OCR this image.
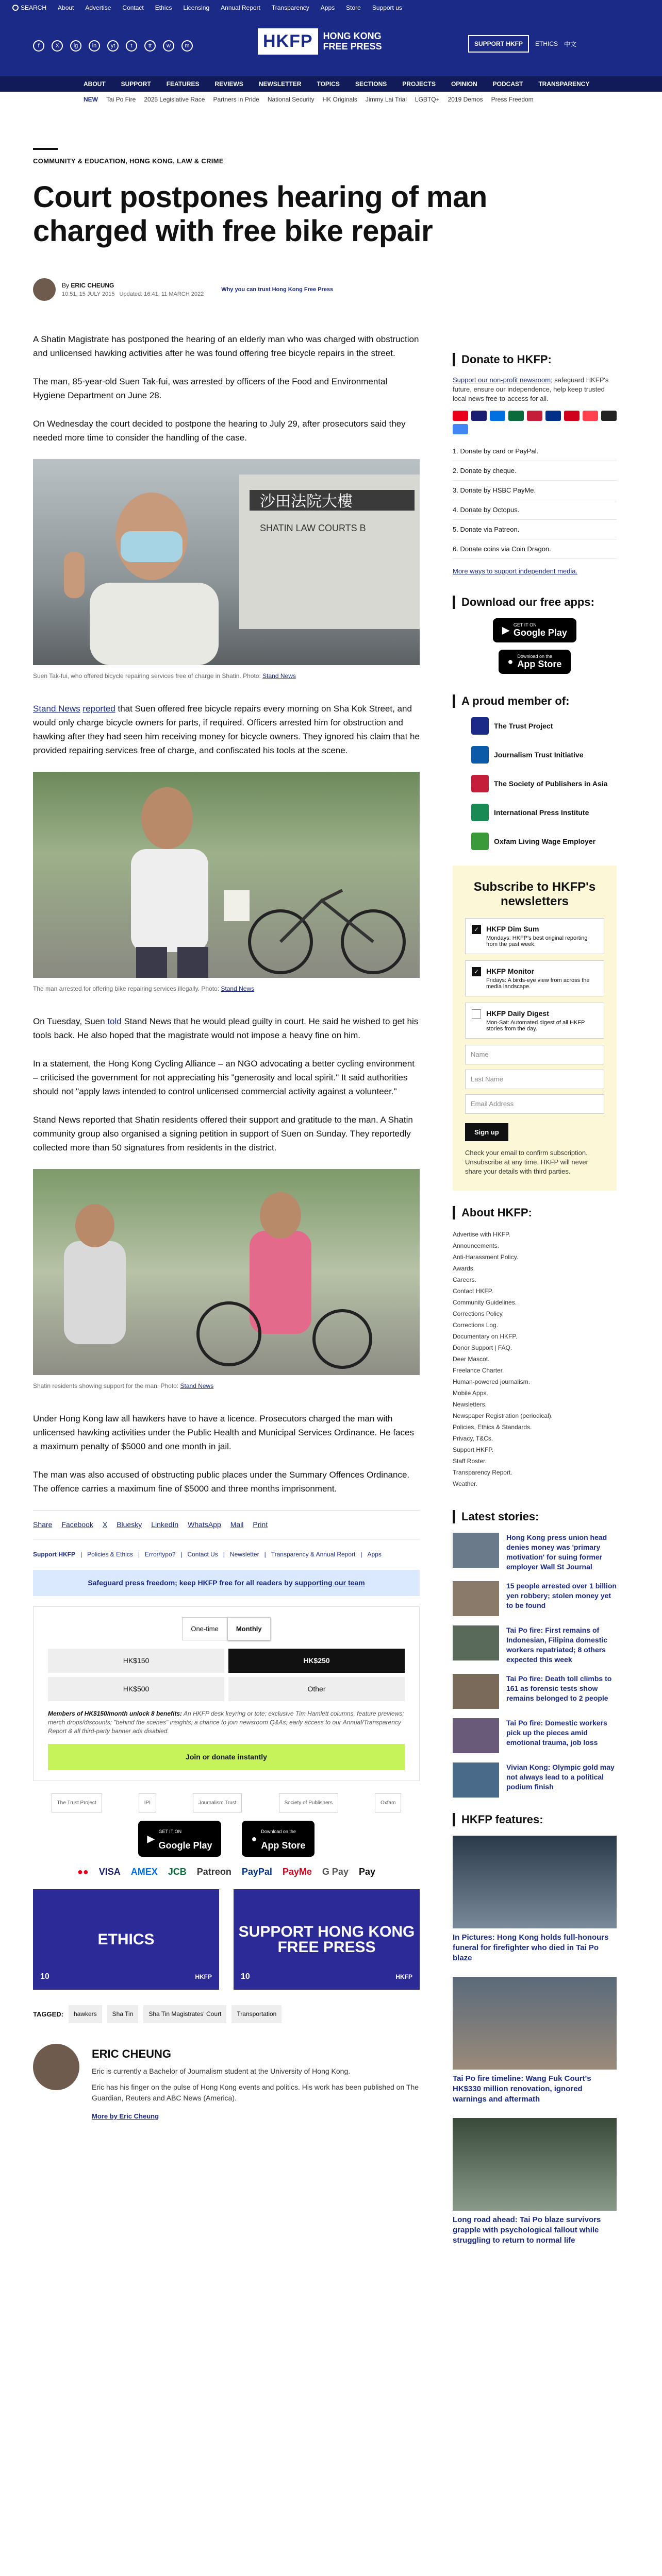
SEARCH About Advertise Contact Ethics Licensing Annual Report Transparency Apps Store Support us
f	X	ig	in	yt	t	tt	w	m	HKFP	HONG KONG
FREE PRESS	SUPPORT HKFP	ETHICS 中文
ABOUT	SUPPORT	FEATURES	REVIEWS	NEWSLETTER	TOPICS	SECTIONS	PROJECTS	OPINION	PODCAST	TRANSPARENCY
NEW Tai Po Fire 2025 Legislative Race Partners in Pride National Security HK Originals Jimmy Lai Trial LGBTQ+ 2019 Demos Press Freedom
COMMUNITY & EDUCATION, HONG KONG, LAW & CRIME
Court postpones hearing of man charged with free bike repair
By ERIC CHEUNG
10:51, 15 JULY 2015 Updated: 16:41, 11 MARCH 2022
Why you can trust Hong Kong Free Press

A Shatin Magistrate has postponed the hearing of an elderly man who was charged with obstruction and unlicensed hawking activities after he was found offering free bicycle repairs in the street.

The man, 85-year-old Suen Tak-fui, was arrested by officers of the Food and Environmental Hygiene Department on June 28.

On Wednesday the court decided to postpone the hearing to July 29, after prosecutors said they needed more time to consider the handling of the case.

沙田法院大樓
SHATIN LAW COURTS B
Suen Tak-fui, who offered bicycle repairing services free of charge in Shatin. Photo: Stand News

Stand News reported that Suen offered free bicycle repairs every morning on Sha Kok Street, and would only charge bicycle owners for parts, if required. Officers arrested him for obstruction and hawking after they had seen him receiving money for bicycle owners. They ignored his claim that he provided repairing services free of charge, and confiscated his tools at the scene.

The man arrested for offering bike repairing services illegally. Photo: Stand News

On Tuesday, Suen told Stand News that he would plead guilty in court. He said he wished to get his tools back. He also hoped that the magistrate would not impose a heavy fine on him.

In a statement, the Hong Kong Cycling Alliance – an NGO advocating a better cycling environment – criticised the government for not appreciating his "generosity and local spirit." It said authorities should not "apply laws intended to control unlicensed commercial activity against a volunteer."

Stand News reported that Shatin residents offered their support and gratitude to the man. A Shatin community group also organised a signing petition in support of Suen on Sunday. They reportedly collected more than 50 signatures from residents in the district.

Shatin residents showing support for the man. Photo: Stand News

Under Hong Kong law all hawkers have to have a licence. Prosecutors charged the man with unlicensed hawking activities under the Public Health and Municipal Services Ordinance. He faces a maximum penalty of $5000 and one month in jail.

The man was also accused of obstructing public places under the Summary Offences Ordinance. The offence carries a maximum fine of $5000 and three months imprisonment.

Share Facebook X Bluesky LinkedIn WhatsApp Mail Print
Support HKFP | Policies & Ethics | Error/typo? | Contact Us | Newsletter | Transparency & Annual Report | Apps
Safeguard press freedom; keep HKFP free for all readers by supporting our team
One-time	Monthly
HK$150	HK$250
HK$500	Other
Members of HK$150/month unlock 8 benefits: An HKFP desk keyring or tote; exclusive Tim Hamlett columns, feature previews; merch drops/discounts; "behind the scenes" insights; a chance to join newsroom Q&As; early access to our Annual/Transparency Report & all third-party banner ads disabled.
Join or donate instantly
The Trust Project	IPI	Journalism Trust	Society of Publishers	Oxfam
▶
GET IT ON
Google Play
●
Download on the
App Store
●● VISA AMEX JCB Patreon PayPal PayMe G Pay Pay
ETHICS
HKFP
10
SUPPORT HONG KONG FREE PRESS
HKFP
10
TAGGED:	hawkers	Sha Tin	Sha Tin Magistrates' Court	Transportation
ERIC CHEUNG

Eric is currently a Bachelor of Journalism student at the University of Hong Kong.

Eric has his finger on the pulse of Hong Kong events and politics. His work has been published on The Guardian, Reuters and ABC News (America).

More by Eric Cheung
Donate to HKFP:
Support our non-profit newsroom; safeguard HKFP's future, ensure our independence, help keep trusted local news free-to-access for all.
1. Donate by card or PayPal.
2. Donate by cheque.
3. Donate by HSBC PayMe.
4. Donate by Octopus.
5. Donate via Patreon.
6. Donate coins via Coin Dragon.
More ways to support independent media.
Download our free apps:
▶ GET IT ON
Google Play
● Download on the
App Store
A proud member of:
The Trust Project
Journalism Trust Initiative
The Society of Publishers in Asia
International Press Institute
Oxfam Living Wage Employer
Subscribe to HKFP's newsletters
✓ HKFP Dim Sum
Mondays: HKFP's best original reporting from the past week.
✓ HKFP Monitor
Fridays: A birds-eye view from across the media landscape.
HKFP Daily Digest
Mon-Sat: Automated digest of all HKFP stories from the day.
Name
Last Name
Email Address
Sign up
Check your email to confirm subscription. Unsubscribe at any time. HKFP will never share your details with third parties.
About HKFP:
Advertise with HKFP.
Announcements.
Anti-Harassment Policy.
Awards.
Careers.
Contact HKFP.
Community Guidelines.
Corrections Policy.
Corrections Log.
Documentary on HKFP.
Donor Support | FAQ.
Deer Mascot.
Freelance Charter.
Human-powered journalism.
Mobile Apps.
Newsletters.
Newspaper Registration (periodical).
Policies, Ethics & Standards.
Privacy, T&Cs.
Support HKFP.
Staff Roster.
Transparency Report.
Weather.
Latest stories:
Hong Kong press union head denies money was 'primary motivation' for suing former employer Wall St Journal
15 people arrested over 1 billion yen robbery; stolen money yet to be found
Tai Po fire: First remains of Indonesian, Filipina domestic workers repatriated; 8 others expected this week
Tai Po fire: Death toll climbs to 161 as forensic tests show remains belonged to 2 people
Tai Po fire: Domestic workers pick up the pieces amid emotional trauma, job loss
Vivian Kong: Olympic gold may not always lead to a political podium finish
HKFP features:

In Pictures: Hong Kong holds full-honours funeral for firefighter who died in Tai Po blaze

Tai Po fire timeline: Wang Fuk Court's HK$330 million renovation, ignored warnings and aftermath

Long road ahead: Tai Po blaze survivors grapple with psychological fallout while struggling to return to normal life
